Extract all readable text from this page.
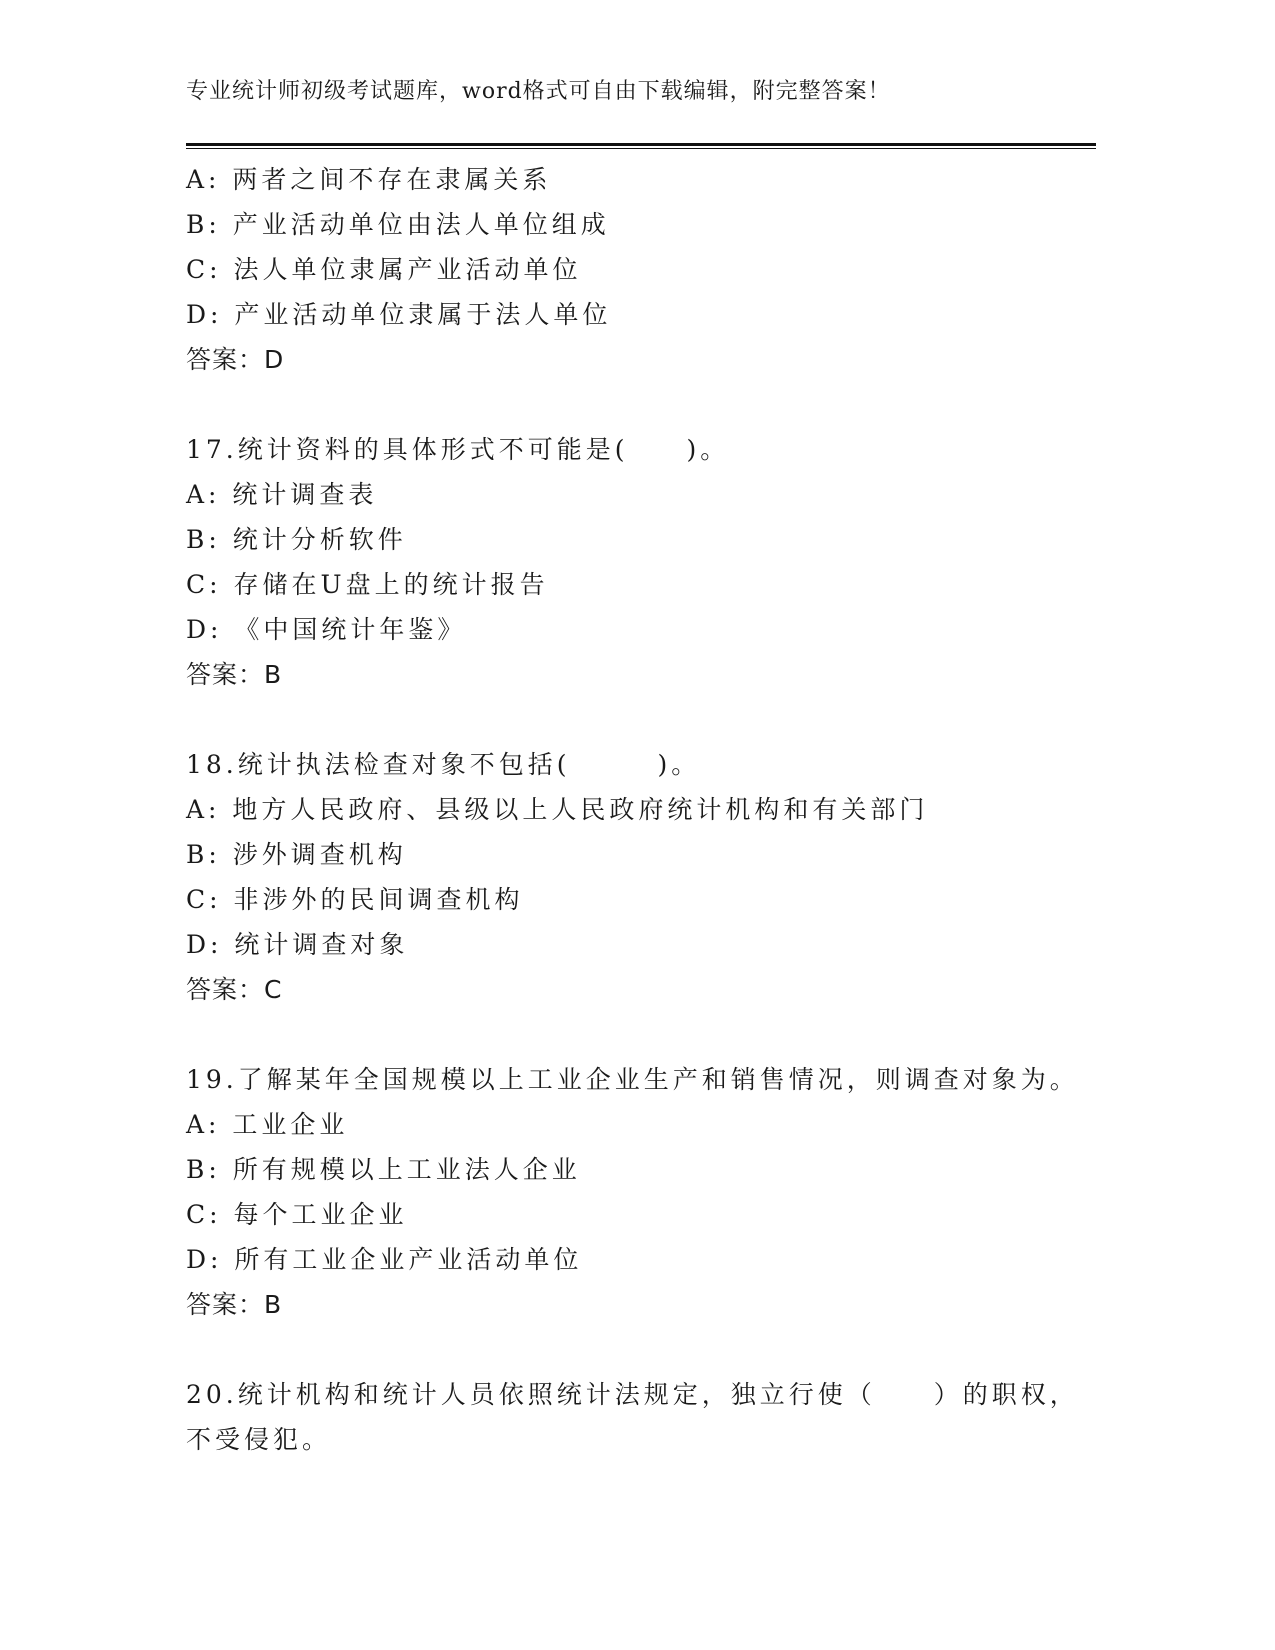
专业统计师初级考试题库，word格式可自由下载编辑，附完整答案！
A: 两者之间不存在隶属关系
B: 产业活动单位由法人单位组成
C: 法人单位隶属产业活动单位
D: 产业活动单位隶属于法人单位
答案：D
17.统计资料的具体形式不可能是(　　)。
A: 统计调查表
B: 统计分析软件
C: 存储在U盘上的统计报告
D: 《中国统计年鉴》
答案：B
18.统计执法检查对象不包括(　　　)。
A: 地方人民政府、县级以上人民政府统计机构和有关部门
B: 涉外调查机构
C: 非涉外的民间调查机构
D: 统计调查对象
答案：C
19.了解某年全国规模以上工业企业生产和销售情况，则调查对象为。
A: 工业企业
B: 所有规模以上工业法人企业
C: 每个工业企业
D: 所有工业企业产业活动单位
答案：B
20.统计机构和统计人员依照统计法规定，独立行使（　　）的职权，
不受侵犯。
